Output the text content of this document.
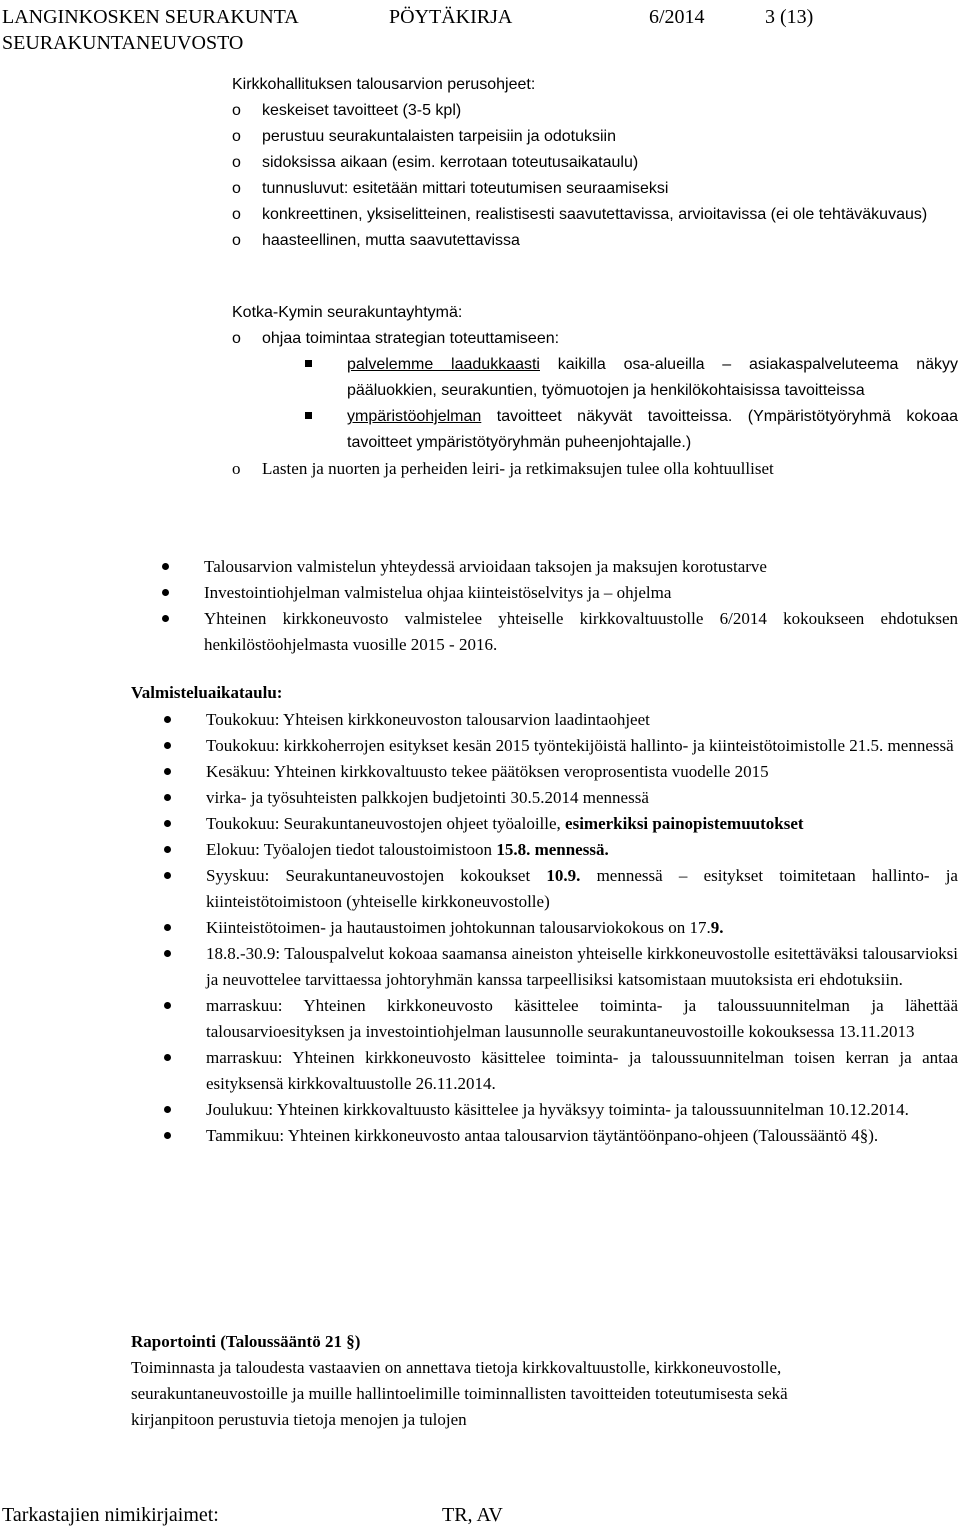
LANGINKOSKEN SEURAKUNTA	PÖYTÄKIRJA	6/2014	3 (13)
SEURAKUNTANEUVOSTO

Kirkkohallituksen talousarvion perusohjeet:

o keskeiset tavoitteet (3-5 kpl)
o perustuu seurakuntalaisten tarpeisiin ja odotuksiin
o sidoksissa aikaan (esim. kerrotaan toteutusaikataulu)
o tunnusluvut: esitetään mittari toteutumisen seuraamiseksi
o konkreettinen, yksiselitteinen, realistisesti saavutettavissa, arvioitavissa (ei ole tehtäväkuvaus)
o haasteellinen, mutta saavutettavissa

Kotka-Kymin seurakuntayhtymä:

o ohjaa toimintaa strategian toteuttamiseen:
palvelemme laadukkaasti kaikilla osa-alueilla – asiakaspalveluteema näkyy pääluokkien, seurakuntien, työmuotojen ja henkilökohtaisissa tavoitteissa
ympäristöohjelman tavoitteet näkyvät tavoitteissa. (Ympäristötyöryhmä kokoaa tavoitteet ympäristötyöryhmän puheenjohtajalle.)
o Lasten ja nuorten ja perheiden leiri- ja retkimaksujen tulee olla kohtuulliset
Talousarvion valmistelun yhteydessä arvioidaan taksojen ja maksujen korotustarve
Investointiohjelman valmistelua ohjaa kiinteistöselvitys ja – ohjelma
Yhteinen kirkkoneuvosto valmistelee yhteiselle kirkkovaltuustolle 6/2014 kokoukseen ehdotuksen henkilöstöohjelmasta vuosille 2015 - 2016.

Valmisteluaikataulu:

Toukokuu: Yhteisen kirkkoneuvoston talousarvion laadintaohjeet
Toukokuu: kirkkoherrojen esitykset kesän 2015 työntekijöistä hallinto- ja kiinteistötoimistolle 21.5. mennessä
Kesäkuu: Yhteinen kirkkovaltuusto tekee päätöksen veroprosentista vuodelle 2015
virka- ja työsuhteisten palkkojen budjetointi 30.5.2014 mennessä
Toukokuu: Seurakuntaneuvostojen ohjeet työaloille, esimerkiksi painopistemuutokset
Elokuu: Työalojen tiedot taloustoimistoon 15.8. mennessä.
Syyskuu: Seurakuntaneuvostojen kokoukset 10.9. mennessä – esitykset toimitetaan hallinto- ja kiinteistötoimistoon (yhteiselle kirkkoneuvostolle)
Kiinteistötoimen- ja hautaustoimen johtokunnan talousarviokokous on 17.9.
18.8.-30.9: Talouspalvelut kokoaa saamansa aineiston yhteiselle kirkkoneuvostolle esitettäväksi talousarvioksi ja neuvottelee tarvittaessa johtoryhmän kanssa tarpeellisiksi katsomistaan muutoksista eri ehdotuksiin.
marraskuu: Yhteinen kirkkoneuvosto käsittelee toiminta- ja taloussuunnitelman ja lähettää talousarvioesityksen ja investointiohjelman lausunnolle seurakuntaneuvostoille kokouksessa 13.11.2013
marraskuu: Yhteinen kirkkoneuvosto käsittelee toiminta- ja taloussuunnitelman toisen kerran ja antaa esityksensä kirkkovaltuustolle 26.11.2014.
Joulukuu: Yhteinen kirkkovaltuusto käsittelee ja hyväksyy toiminta- ja taloussuunnitelman 10.12.2014.
Tammikuu: Yhteinen kirkkoneuvosto antaa talousarvion täytäntöönpano-ohjeen (Taloussääntö 4§).

Raportointi (Taloussääntö 21 §)

Toiminnasta ja taloudesta vastaavien on annettava tietoja kirkkovaltuustolle, kirkkoneuvostolle, seurakuntaneuvostoille ja muille hallintoelimille toiminnallisten tavoitteiden toteutumisesta sekä kirjanpitoon perustuvia tietoja menojen ja tulojen

Tarkastajien nimikirjaimet:	TR, AV
